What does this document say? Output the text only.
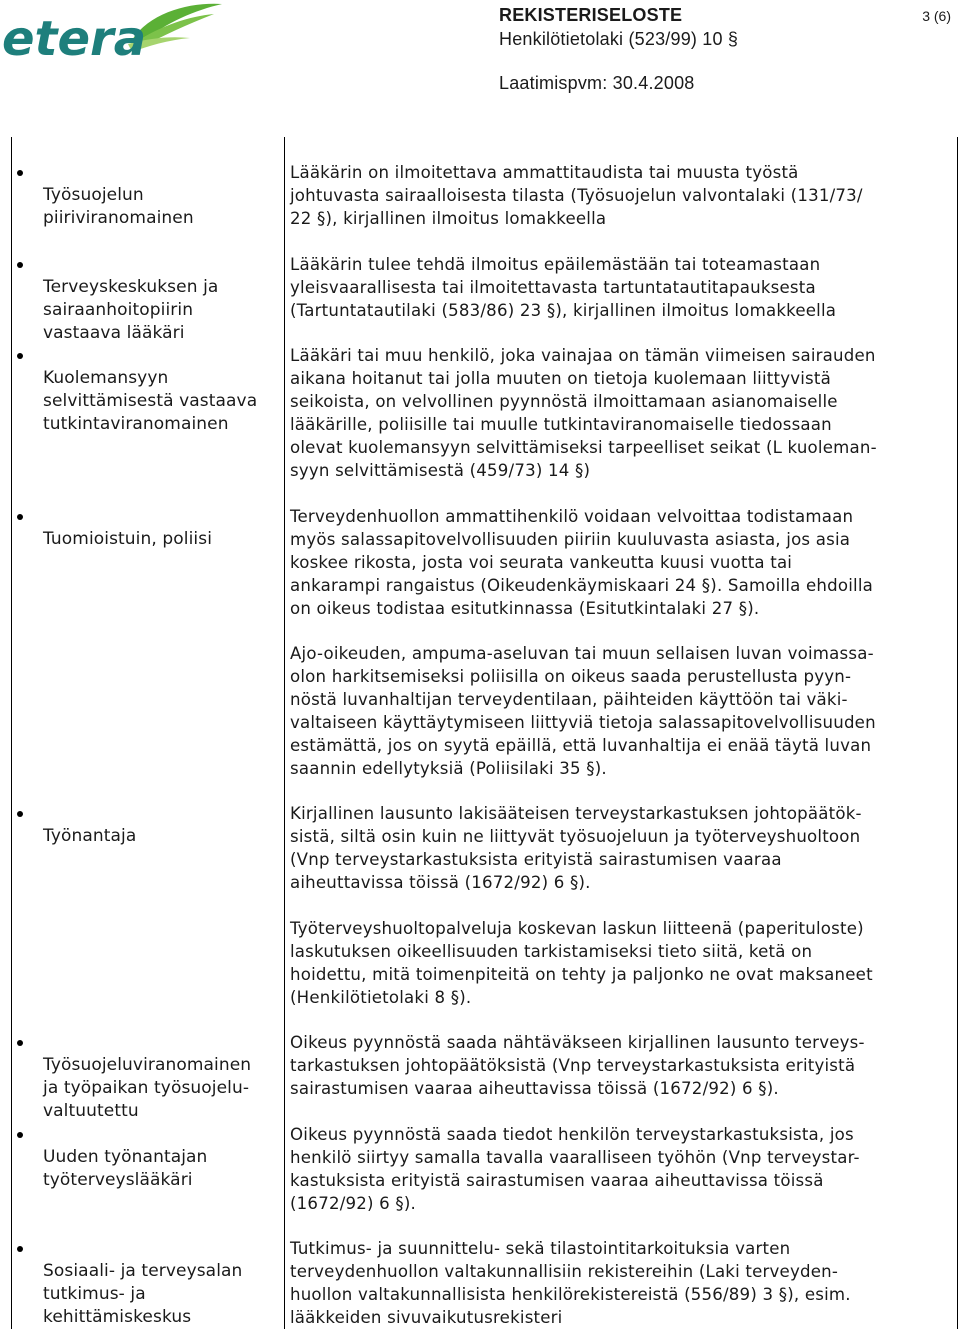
etera	REKISTERISELOSTE
Henkilötietolaki (523/99) 10 §
Laatimispvm: 30.4.2008
3 (6)

Työsuojelun
piiriviranomainen

Terveyskeskuksen ja
sairaanhoitopiirin
vastaava lääkäri

Kuolemansyyn
selvittämisestä vastaava
tutkintaviranomainen

Tuomioistuin, poliisi

Työnantaja

Työsuojeluviranomainen
ja työpaikan työsuojelu-
valtuutettu

Uuden työnantajan
työterveyslääkäri

Sosiaali- ja terveysalan
tutkimus- ja
kehittämiskeskus

Lääkärin on ilmoitettava ammattitaudista tai muusta työstä
johtuvasta sairaalloisesta tilasta (Työsuojelun valvontalaki (131/73/
22 §), kirjallinen ilmoitus lomakkeella
Lääkärin tulee tehdä ilmoitus epäilemästään tai toteamastaan
yleisvaarallisesta tai ilmoitettavasta tartuntatautitapauksesta
(Tartuntatautilaki (583/86) 23 §), kirjallinen ilmoitus lomakkeella
Lääkäri tai muu henkilö, joka vainajaa on tämän viimeisen sairauden
aikana hoitanut tai jolla muuten on tietoja kuolemaan liittyvistä
seikoista, on velvollinen pyynnöstä ilmoittamaan asianomaiselle
lääkärille, poliisille tai muulle tutkintaviranomaiselle tiedossaan
olevat kuolemansyyn selvittämiseksi tarpeelliset seikat (L kuoleman-
syyn selvittämisestä (459/73) 14 §)
Terveydenhuollon ammattihenkilö voidaan velvoittaa todistamaan
myös salassapitovelvollisuuden piiriin kuuluvasta asiasta, jos asia
koskee rikosta, josta voi seurata vankeutta kuusi vuotta tai
ankarampi rangaistus (Oikeudenkäymiskaari 24 §). Samoilla ehdoilla
on oikeus todistaa esitutkinnassa (Esitutkintalaki 27 §).
Ajo-oikeuden, ampuma-aseluvan tai muun sellaisen luvan voimassa-
olon harkitsemiseksi poliisilla on oikeus saada perustellusta pyyn-
nöstä luvanhaltijan terveydentilaan, päihteiden käyttöön tai väki-
valtaiseen käyttäytymiseen liittyviä tietoja salassapitovelvollisuuden
estämättä, jos on syytä epäillä, että luvanhaltija ei enää täytä luvan
saannin edellytyksiä (Poliisilaki 35 §).
Kirjallinen lausunto lakisääteisen terveystarkastuksen johtopäätök-
sistä, siltä osin kuin ne liittyvät työsuojeluun ja työterveyshuoltoon
(Vnp terveystarkastuksista erityistä sairastumisen vaaraa
aiheuttavissa töissä (1672/92) 6 §).
Työterveyshuoltopalveluja koskevan laskun liitteenä (paperituloste)
laskutuksen oikeellisuuden tarkistamiseksi tieto siitä, ketä on
hoidettu, mitä toimenpiteitä on tehty ja paljonko ne ovat maksaneet
(Henkilötietolaki 8 §).
Oikeus pyynnöstä saada nähtäväkseen kirjallinen lausunto terveys-
tarkastuksen johtopäätöksistä (Vnp terveystarkastuksista erityistä
sairastumisen vaaraa aiheuttavissa töissä (1672/92) 6 §).
Oikeus pyynnöstä saada tiedot henkilön terveystarkastuksista, jos
henkilö siirtyy samalla tavalla vaaralliseen työhön (Vnp terveystar-
kastuksista erityistä sairastumisen vaaraa aiheuttavissa töissä
(1672/92) 6 §).
Tutkimus- ja suunnittelu- sekä tilastointitarkoituksia varten
terveydenhuollon valtakunnallisiin rekistereihin (Laki terveyden-
huollon valtakunnallisista henkilörekistereistä (556/89) 3 §), esim.
lääkkeiden sivuvaikutusrekisteri
